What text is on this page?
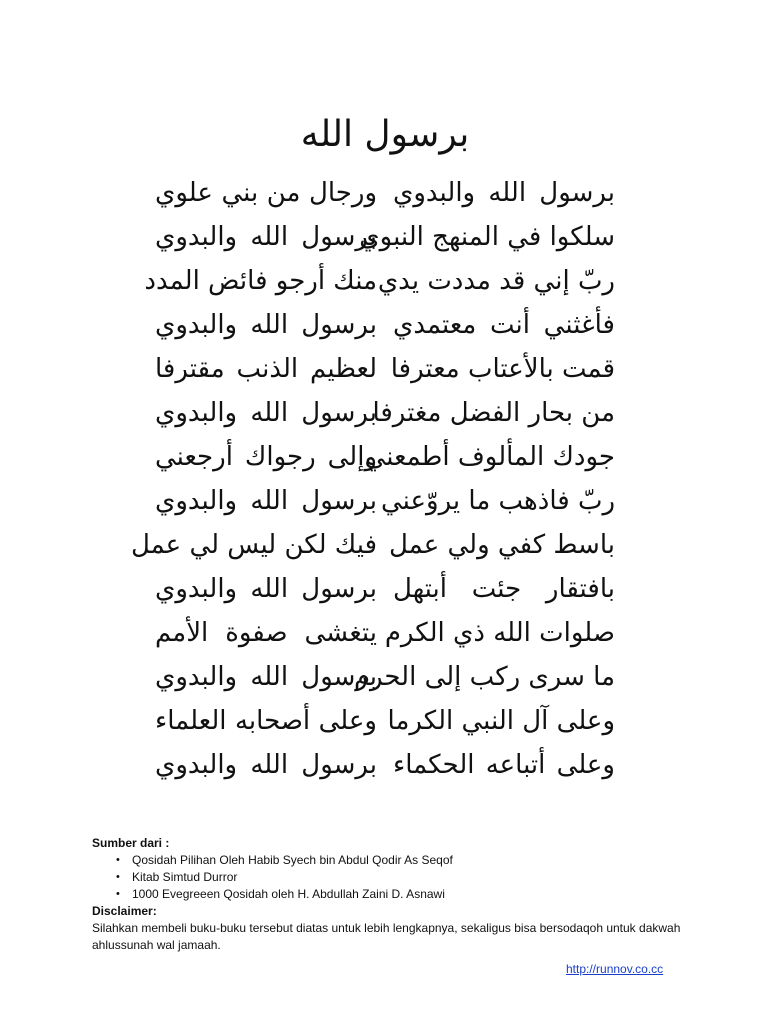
برسول الله
برسول الله والبدوي
ورجال من بني علوي
سلكوا في المنهج النبوي
برسول الله والبدوي
ربّ إني قد مددت يدي
منك أرجو فائض المدد
فأغثني أنت معتمدي
برسول الله والبدوي
قمت بالأعتاب معترفا
لعظيم الذنب مقترفا
من بحار الفضل مغترفا
برسول الله والبدوي
جودك المألوف أطمعني
وإلى رجواك أرجعني
ربّ فاذهب ما يروّعني
برسول الله والبدوي
باسط كفي ولي عمل
فيك لكن ليس لي عمل
بافتقار جئت أبتهل
برسول الله والبدوي
صلوات الله ذي الكرم
يتغشى صفوة الأمم
ما سرى ركب إلى الحرم
برسول الله والبدوي
وعلى آل النبي الكرما
وعلى أصحابه العلماء
وعلى أتباعه الحكماء
برسول الله والبدوي
Sumber dari :
• Qosidah Pilihan Oleh Habib Syech bin Abdul Qodir As Seqof
• Kitab Simtud Durror
• 1000 Evegreeen Qosidah oleh H. Abdullah Zaini D. Asnawi
Disclaimer:

Silahkan membeli buku-buku tersebut diatas untuk lebih lengkapnya, sekaligus bisa bersodaqoh untuk dakwah ahlussunah wal jamaah.

http://runnov.co.cc
